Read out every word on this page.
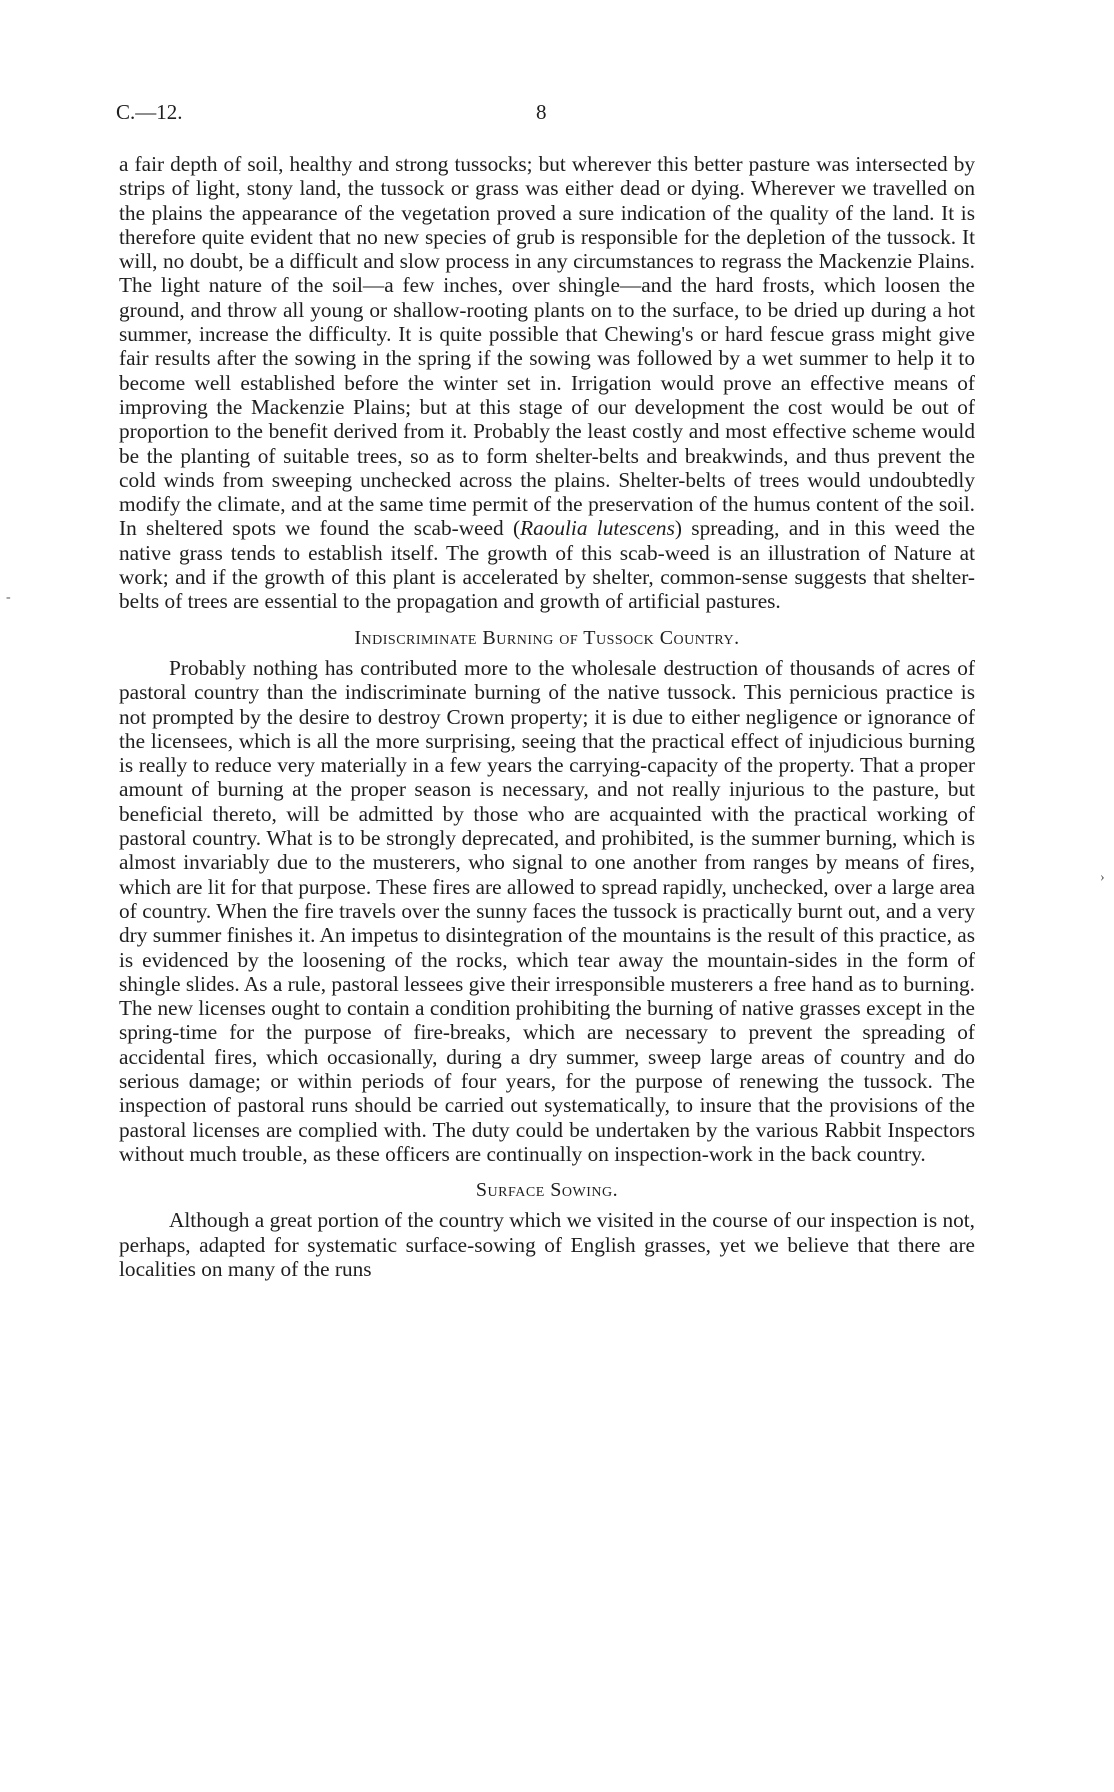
C.—12.	8

a fair depth of soil, healthy and strong tussocks; but wherever this better pasture was intersected by strips of light, stony land, the tussock or grass was either dead or dying. Wherever we travelled on the plains the appearance of the vegetation proved a sure indication of the quality of the land. It is therefore quite evident that no new species of grub is responsible for the depletion of the tussock. It will, no doubt, be a difficult and slow process in any circumstances to regrass the Mackenzie Plains. The light nature of the soil—a few inches, over shingle—and the hard frosts, which loosen the ground, and throw all young or shallow-rooting plants on to the surface, to be dried up during a hot summer, increase the difficulty. It is quite possible that Chewing's or hard fescue grass might give fair results after the sowing in the spring if the sowing was followed by a wet summer to help it to become well established before the winter set in. Irrigation would prove an effective means of improving the Mackenzie Plains; but at this stage of our development the cost would be out of proportion to the benefit derived from it. Probably the least costly and most effective scheme would be the planting of suitable trees, so as to form shelter-belts and breakwinds, and thus prevent the cold winds from sweeping unchecked across the plains. Shelter-belts of trees would undoubtedly modify the climate, and at the same time permit of the preservation of the humus content of the soil. In sheltered spots we found the scab-weed (Raoulia lutescens) spreading, and in this weed the native grass tends to establish itself. The growth of this scab-weed is an illustration of Nature at work; and if the growth of this plant is accelerated by shelter, common-sense suggests that shelter-belts of trees are essential to the propagation and growth of artificial pastures.

Indiscriminate Burning of Tussock Country.

Probably nothing has contributed more to the wholesale destruction of thousands of acres of pastoral country than the indiscriminate burning of the native tussock. This pernicious practice is not prompted by the desire to destroy Crown property; it is due to either negligence or ignorance of the licensees, which is all the more surprising, seeing that the practical effect of injudicious burning is really to reduce very materially in a few years the carrying-capacity of the property. That a proper amount of burning at the proper season is necessary, and not really injurious to the pasture, but beneficial thereto, will be admitted by those who are acquainted with the practical working of pastoral country. What is to be strongly deprecated, and prohibited, is the summer burning, which is almost invariably due to the musterers, who signal to one another from ranges by means of fires, which are lit for that purpose. These fires are allowed to spread rapidly, unchecked, over a large area of country. When the fire travels over the sunny faces the tussock is practically burnt out, and a very dry summer finishes it. An impetus to disintegration of the mountains is the result of this practice, as is evidenced by the loosening of the rocks, which tear away the mountain-sides in the form of shingle slides. As a rule, pastoral lessees give their irresponsible musterers a free hand as to burning. The new licenses ought to contain a condition prohibiting the burning of native grasses except in the spring-time for the purpose of fire-breaks, which are necessary to prevent the spreading of accidental fires, which occasionally, during a dry summer, sweep large areas of country and do serious damage; or within periods of four years, for the purpose of renewing the tussock. The inspection of pastoral runs should be carried out systematically, to insure that the provisions of the pastoral licenses are complied with. The duty could be undertaken by the various Rabbit Inspectors without much trouble, as these officers are continually on inspection-work in the back country.

Surface Sowing.

Although a great portion of the country which we visited in the course of our inspection is not, perhaps, adapted for systematic surface-sowing of English grasses, yet we believe that there are localities on many of the runs

‑
›
